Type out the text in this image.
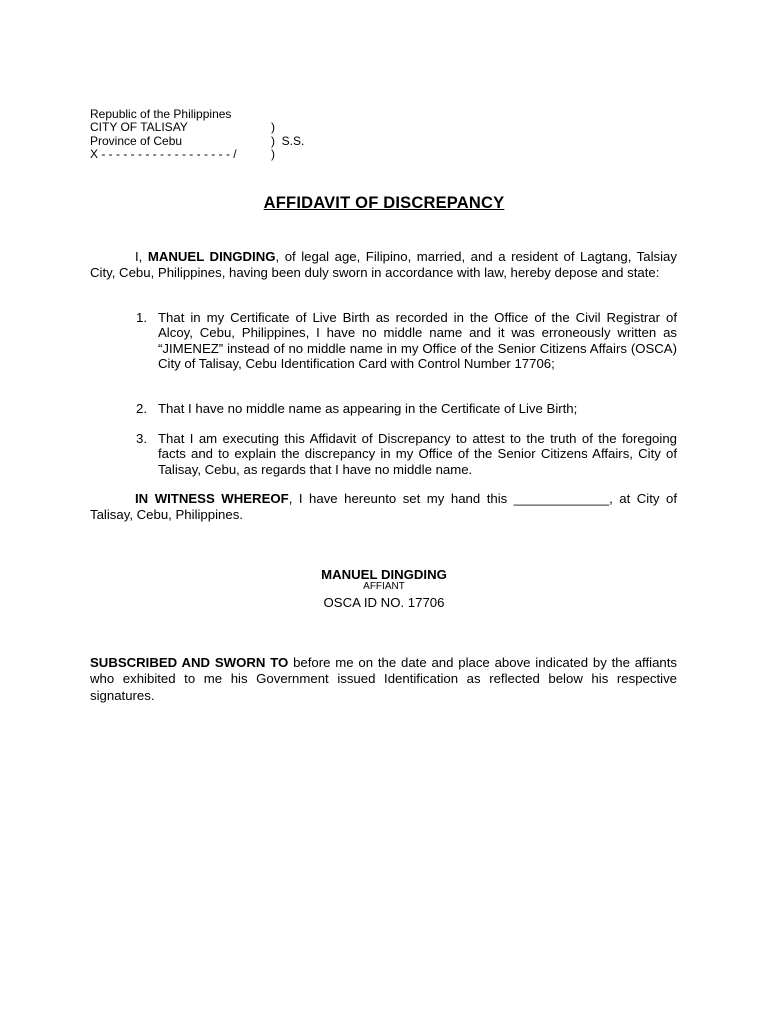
Republic of the Philippines

)

CITY OF TALISAY

)  S.S.

Province of Cebu

)

X - - - - - - - - - - - - - - - - - - /

AFFIDAVIT OF DISCREPANCY
I, MANUEL DINGDING, of legal age, Filipino, married, and a resident of Lagtang, Talsiay City, Cebu, Philippines, having been duly sworn in accordance with law, hereby depose and state:
1. That in my Certificate of Live Birth as recorded in the Office of the Civil Registrar of Alcoy, Cebu, Philippines, I have no middle name and it was erroneously written as “JIMENEZ” instead of no middle name in my Office of the Senior Citizens Affairs (OSCA) City of Talisay, Cebu Identification Card with Control Number 17706;
2. That I have no middle name as appearing in the Certificate of Live Birth;
3. That I am executing this Affidavit of Discrepancy to attest to the truth of the foregoing facts and to explain the discrepancy in my Office of the Senior Citizens Affairs, City of Talisay, Cebu, as regards that I have no middle name.
IN WITNESS WHEREOF, I have hereunto set my hand this _____________, at City of Talisay, Cebu, Philippines.
MANUEL DINGDING
AFFIANT
OSCA ID NO. 17706
SUBSCRIBED AND SWORN TO before me on the date and place above indicated by the affiants who exhibited to me his Government issued Identification as reflected below his respective signatures.
